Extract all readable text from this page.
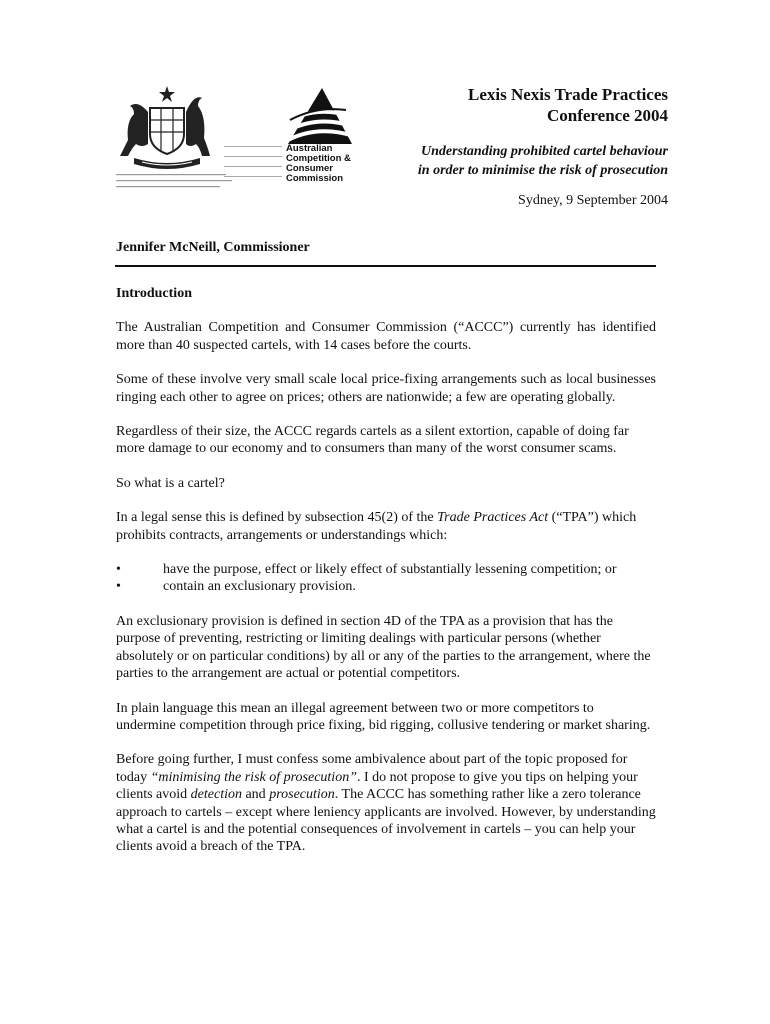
Australian
Competition &
Consumer
Commission
Lexis Nexis Trade Practices
Conference 2004
Understanding prohibited cartel behaviour
in order to minimise the risk of prosecution
Sydney, 9 September 2004
Jennifer McNeill, Commissioner

Introduction

The Australian Competition and Consumer Commission (“ACCC”) currently has identified more than 40 suspected cartels, with 14 cases before the courts.

Some of these involve very small scale local price-fixing arrangements such as local businesses ringing each other to agree on prices; others are nationwide; a few are operating globally.

Regardless of their size, the ACCC regards cartels as a silent extortion, capable of doing far more damage to our economy and to consumers than many of the worst consumer scams.

So what is a cartel?

In a legal sense this is defined by subsection 45(2) of the Trade Practices Act (“TPA”) which prohibits contracts, arrangements or understandings which:

•	have the purpose, effect or likely effect of substantially lessening competition; or
•	contain an exclusionary provision.

An exclusionary provision is defined in section 4D of the TPA as a provision that has the purpose of preventing, restricting or limiting dealings with particular persons (whether absolutely or on particular conditions) by all or any of the parties to the arrangement, where the parties to the arrangement are actual or potential competitors.

In plain language this mean an illegal agreement between two or more competitors to undermine competition through price fixing, bid rigging, collusive tendering or market sharing.

Before going further, I must confess some ambivalence about part of the topic proposed for today “minimising the risk of prosecution”. I do not propose to give you tips on helping your clients avoid detection and prosecution. The ACCC has something rather like a zero tolerance approach to cartels – except where leniency applicants are involved. However, by understanding what a cartel is and the potential consequences of involvement in cartels – you can help your clients avoid a breach of the TPA.
